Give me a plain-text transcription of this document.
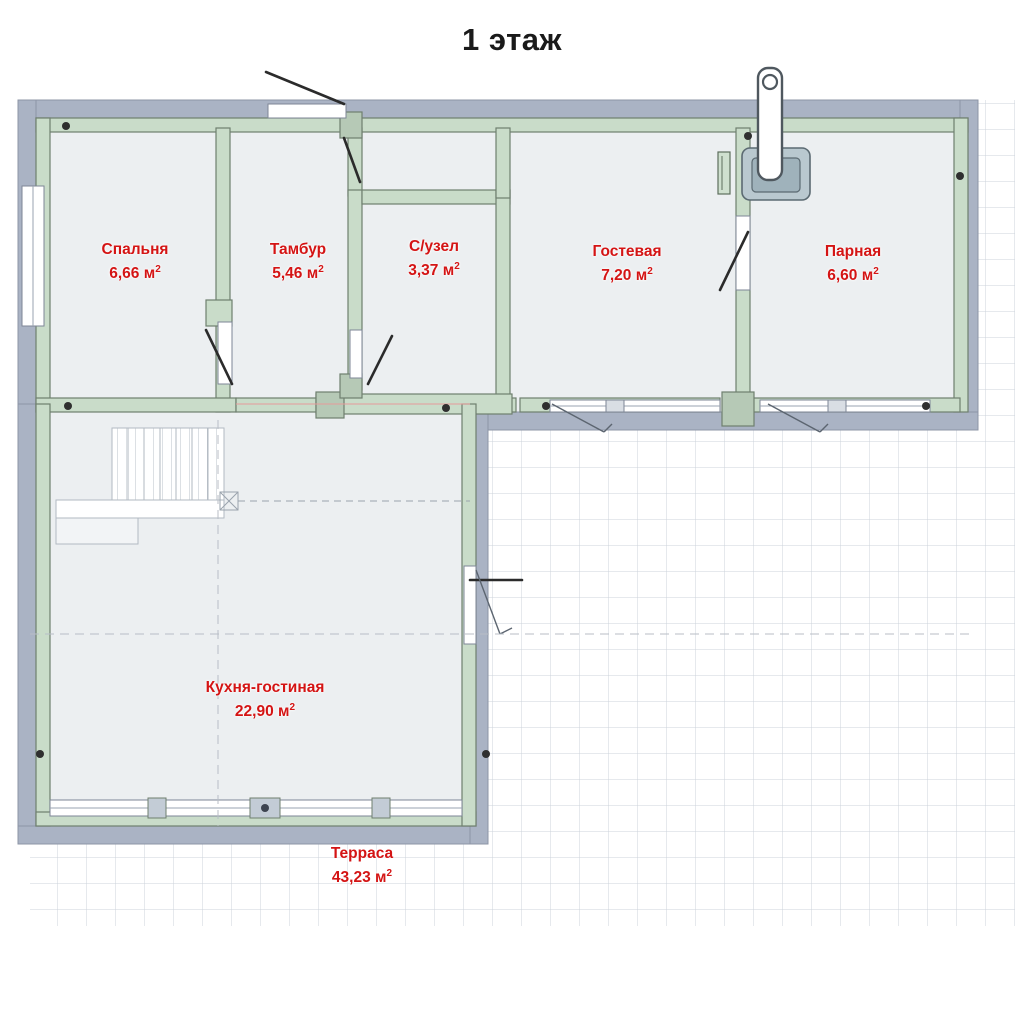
1 этаж
Спальня
6,66 $м^2$
Тамбур
5,46 $м^2$
С/узел
3,37 $м^2$
Гостевая
7,20 $м^2$
Парная
6,60 $м^2$
Кухня-гостиная
22,90 $м^2$
Терраса
43,23 $м^2$
